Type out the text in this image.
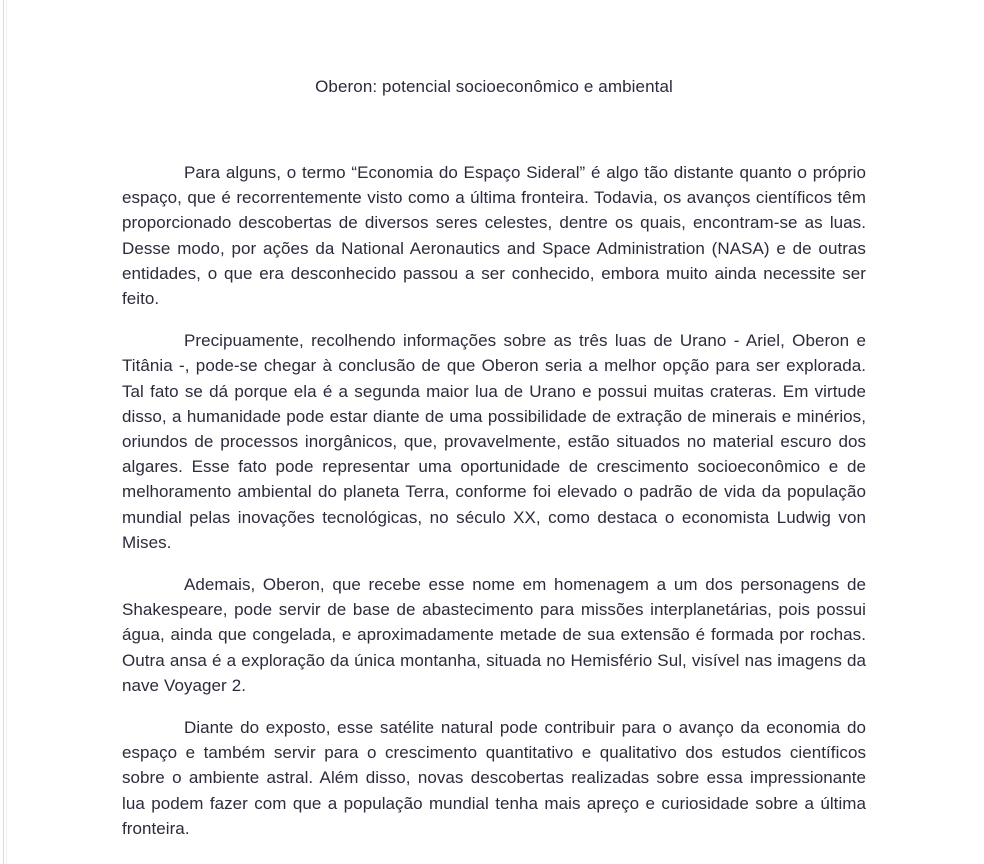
Oberon: potencial socioeconômico e ambiental

Para alguns, o termo “Economia do Espaço Sideral” é algo tão distante quanto o próprio espaço, que é recorrentemente visto como a última fronteira. Todavia, os avanços científicos têm proporcionado descobertas de diversos seres celestes, dentre os quais, encontram-se as luas. Desse modo, por ações da National Aeronautics and Space Administration (NASA) e de outras entidades, o que era desconhecido passou a ser conhecido, embora muito ainda necessite ser feito.

Precipuamente, recolhendo informações sobre as três luas de Urano - Ariel, Oberon e Titânia -, pode-se chegar à conclusão de que Oberon seria a melhor opção para ser explorada. Tal fato se dá porque ela é a segunda maior lua de Urano e possui muitas crateras. Em virtude disso, a humanidade pode estar diante de uma possibilidade de extração de minerais e minérios, oriundos de processos inorgânicos, que, provavelmente, estão situados no material escuro dos algares. Esse fato pode representar uma oportunidade de crescimento socioeconômico e de melhoramento ambiental do planeta Terra, conforme foi elevado o padrão de vida da população mundial pelas inovações tecnológicas, no século XX, como destaca o economista Ludwig von Mises.

Ademais, Oberon, que recebe esse nome em homenagem a um dos personagens de Shakespeare, pode servir de base de abastecimento para missões interplanetárias, pois possui água, ainda que congelada, e aproximadamente metade de sua extensão é formada por rochas. Outra ansa é a exploração da única montanha, situada no Hemisfério Sul, visível nas imagens da nave Voyager 2.

Diante do exposto, esse satélite natural pode contribuir para o avanço da economia do espaço e também servir para o crescimento quantitativo e qualitativo dos estudos científicos sobre o ambiente astral. Além disso, novas descobertas realizadas sobre essa impressionante lua podem fazer com que a população mundial tenha mais apreço e curiosidade sobre a última fronteira.
